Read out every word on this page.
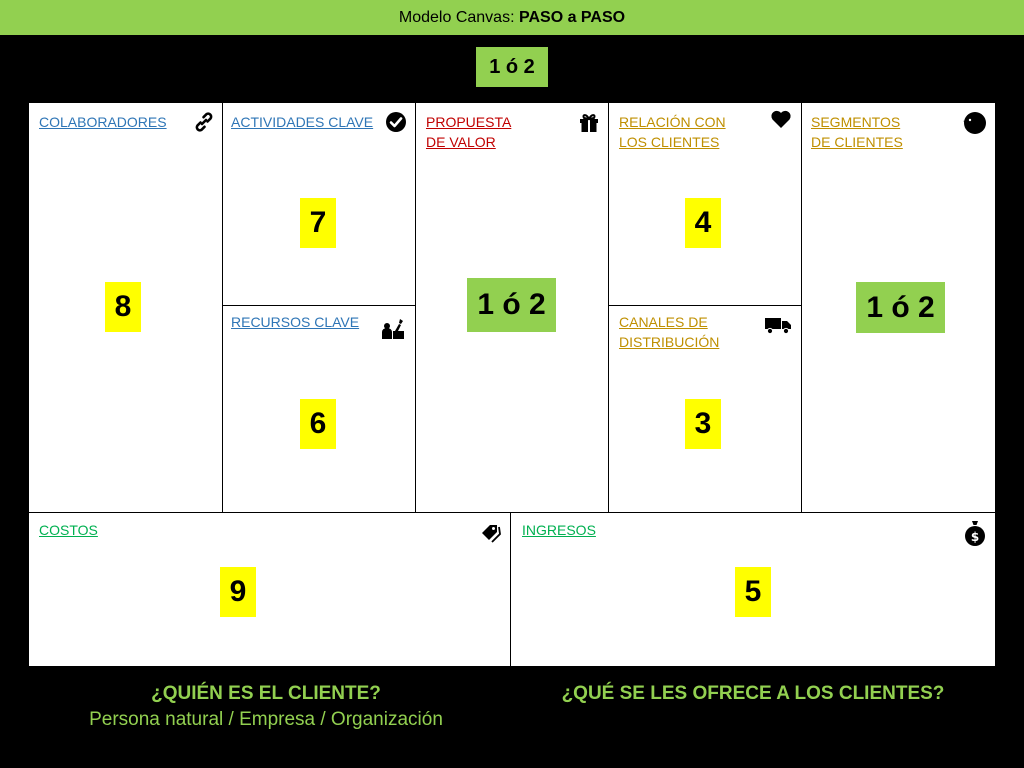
Modelo Canvas:
PASO a PASO
1 ó 2
COLABORADORES
8
ACTIVIDADES CLAVE
7
RECURSOS CLAVE
6
PROPUESTA
DE VALOR
1 ó 2
RELACIÓN CON
LOS CLIENTES
4
CANALES DE
DISTRIBUCIÓN
3
SEGMENTOS
DE CLIENTES
1 ó 2
COSTOS
9
INGRESOS	$
5
¿QUIÉN ES EL CLIENTE?
Persona natural / Empresa / Organización
¿QUÉ SE LES OFRECE A LOS CLIENTES?
